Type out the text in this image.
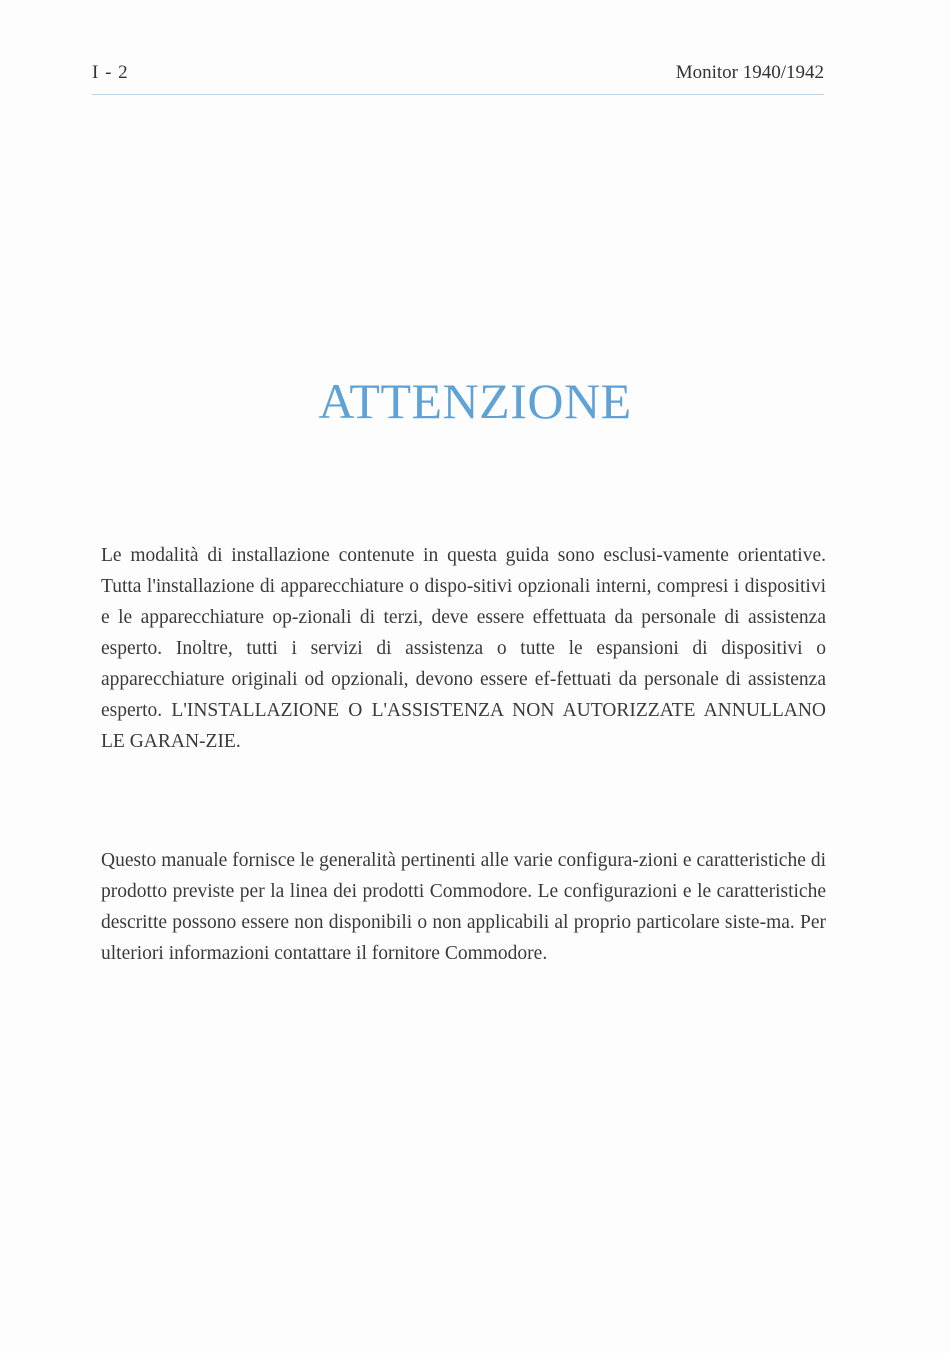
I - 2	Monitor 1940/1942
ATTENZIONE

Le modalità di installazione contenute in questa guida sono esclusi-vamente orientative. Tutta l'installazione di apparecchiature o dispo-sitivi opzionali interni, compresi i dispositivi e le apparecchiature op-zionali di terzi, deve essere effettuata da personale di assistenza esperto. Inoltre, tutti i servizi di assistenza o tutte le espansioni di dispositivi o apparecchiature originali od opzionali, devono essere ef-fettuati da personale di assistenza esperto. L'INSTALLAZIONE O L'ASSISTENZA NON AUTORIZZATE ANNULLANO LE GARAN-ZIE.

Questo manuale fornisce le generalità pertinenti alle varie configura-zioni e caratteristiche di prodotto previste per la linea dei prodotti Commodore. Le configurazioni e le caratteristiche descritte possono essere non disponibili o non applicabili al proprio particolare siste-ma. Per ulteriori informazioni contattare il fornitore Commodore.
